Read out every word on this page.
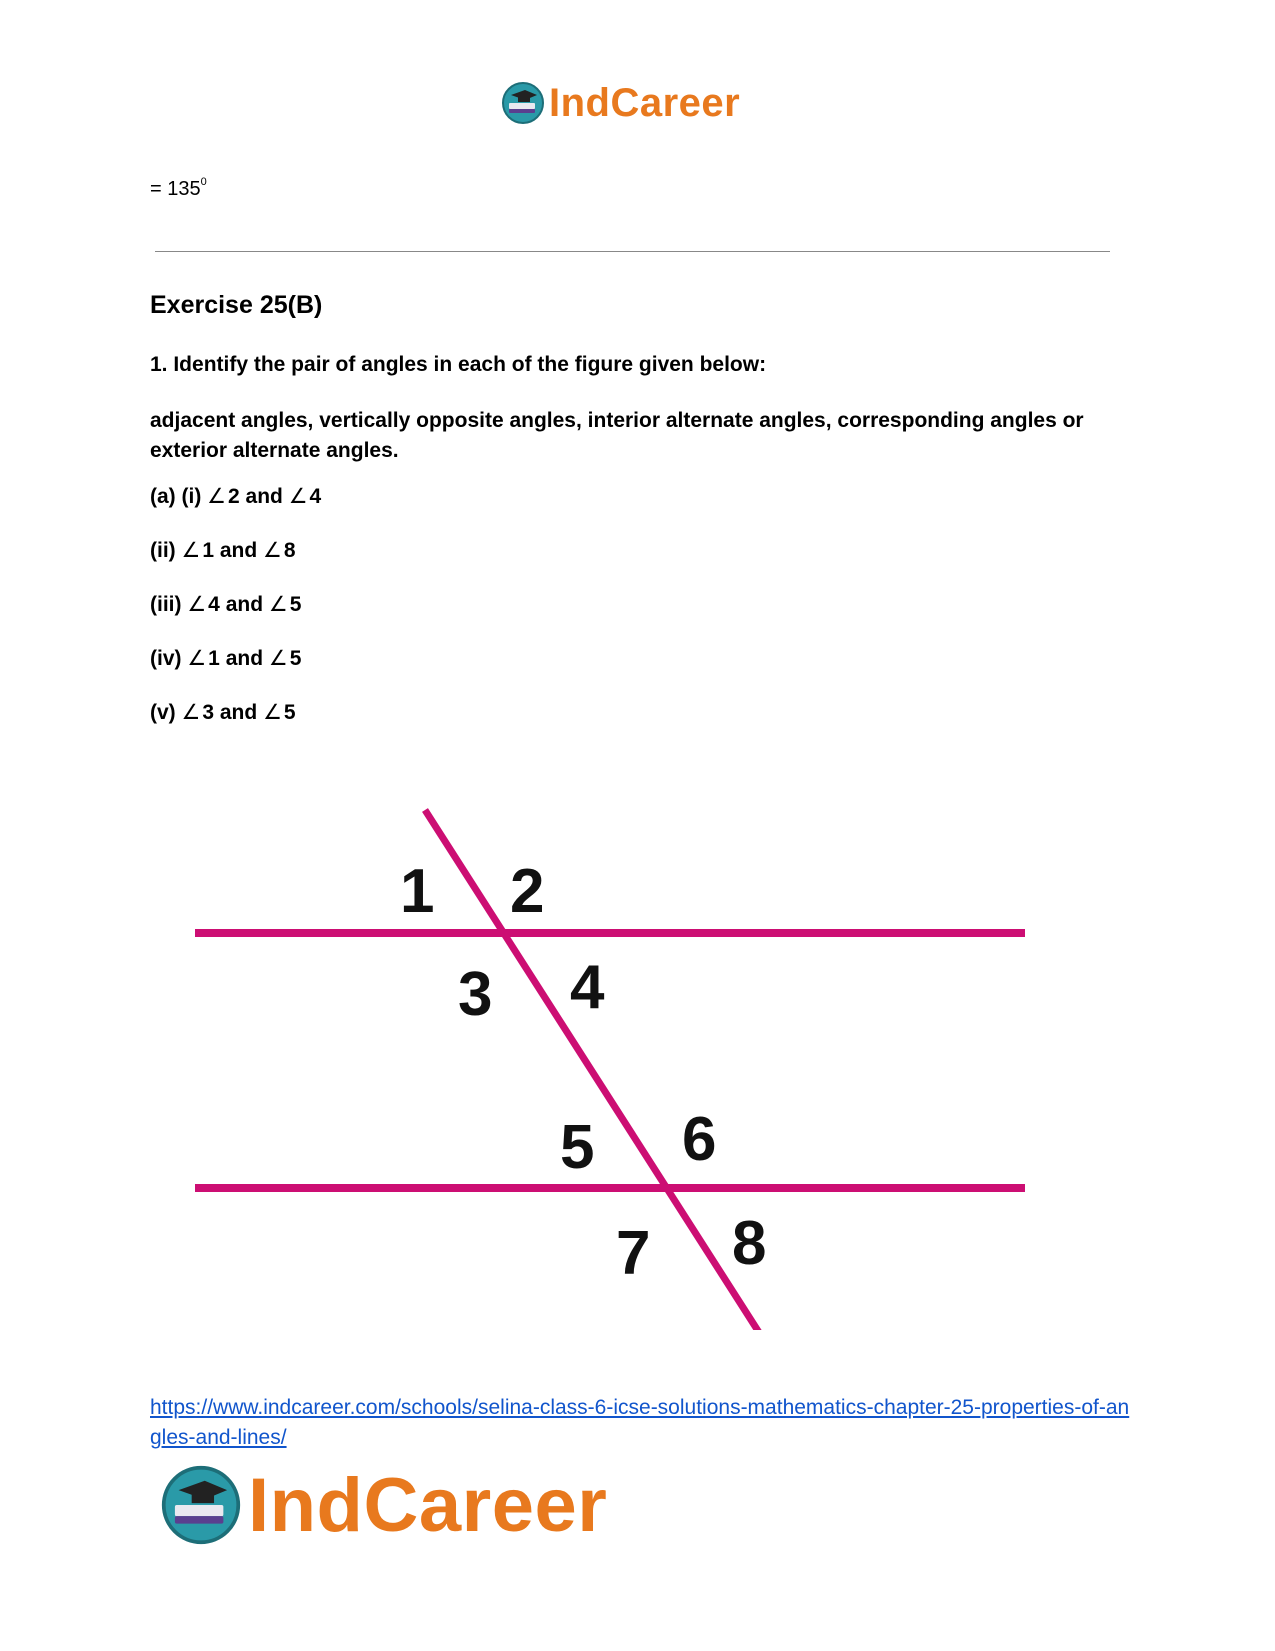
IndCareer
= $135^0$
Exercise 25(B)
1. Identify the pair of angles in each of the figure given below:
adjacent angles, vertically opposite angles, interior alternate angles, corresponding angles or exterior alternate angles.
(a) (i) ∠2 and ∠4
(ii) ∠1 and ∠8
(iii) ∠4 and ∠5
(iv) ∠1 and ∠5
(v) ∠3 and ∠5
1 2
3 4
5 6
7 8
https://www.indcareer.com/schools/selina-class-6-icse-solutions-mathematics-chapter-25-properties-of-angles-and-lines/
IndCareer
